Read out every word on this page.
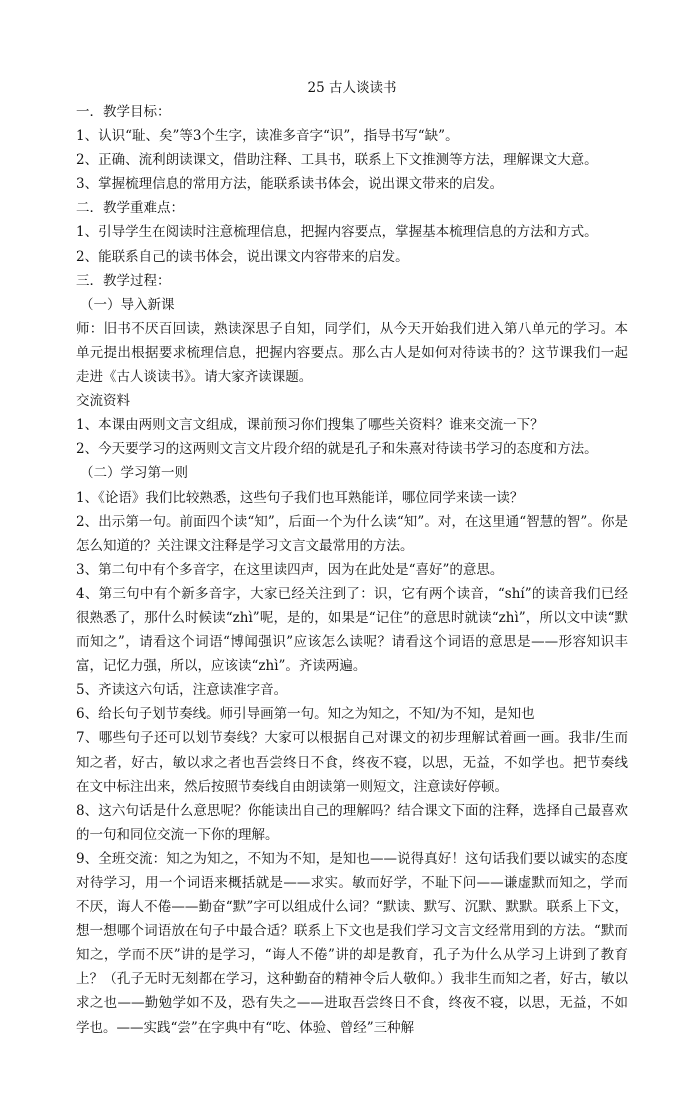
25 古人谈读书

一．教学目标：

1、认识“耻、矣”等3个生字，读准多音字“识”，指导书写“缺”。

2、正确、流利朗读课文，借助注释、工具书，联系上下文推测等方法，理解课文大意。

3、掌握梳理信息的常用方法，能联系读书体会，说出课文带来的启发。

二．教学重难点：

1、引导学生在阅读时注意梳理信息，把握内容要点，掌握基本梳理信息的方法和方式。

2、能联系自己的读书体会，说出课文内容带来的启发。

三．教学过程：

（一）导入新课

师：旧书不厌百回读，熟读深思子自知，同学们，从今天开始我们进入第八单元的学习。本单元提出根据要求梳理信息，把握内容要点。那么古人是如何对待读书的？这节课我们一起走进《古人谈读书》。请大家齐读课题。

交流资料

1、本课由两则文言文组成，课前预习你们搜集了哪些关资料？谁来交流一下？

2、今天要学习的这两则文言文片段介绍的就是孔子和朱熹对待读书学习的态度和方法。

（二）学习第一则

1、《论语》我们比较熟悉，这些句子我们也耳熟能详，哪位同学来读一读？

2、出示第一句。前面四个读“知”，后面一个为什么读“知”。对，在这里通“智慧的智”。你是怎么知道的？关注课文注释是学习文言文最常用的方法。

3、第二句中有个多音字，在这里读四声，因为在此处是“喜好”的意思。

4、第三句中有个新多音字，大家已经关注到了：识，它有两个读音，“shí”的读音我们已经很熟悉了，那什么时候读“zhì”呢，是的，如果是“记住”的意思时就读“zhì”，所以文中读“默而知之”，请看这个词语“博闻强识”应该怎么读呢？请看这个词语的意思是——形容知识丰富，记忆力强，所以，应该读“zhì”。齐读两遍。

5、齐读这六句话，注意读准字音。

6、给长句子划节奏线。师引导画第一句。知之为知之，不知/为不知，是知也

7、哪些句子还可以划节奏线？大家可以根据自己对课文的初步理解试着画一画。我非/生而知之者，好古，敏以求之者也吾尝终日不食，终夜不寝，以思，无益，不如学也。把节奏线在文中标注出来，然后按照节奏线自由朗读第一则短文，注意读好停顿。

8、这六句话是什么意思呢？你能读出自己的理解吗？结合课文下面的注释，选择自己最喜欢的一句和同位交流一下你的理解。

9、全班交流：知之为知之，不知为不知，是知也——说得真好！这句话我们要以诚实的态度对待学习，用一个词语来概括就是——求实。敏而好学，不耻下问——谦虚默而知之，学而不厌，诲人不倦——勤奋“默”字可以组成什么词？“默读、默写、沉默、默默。联系上下文，想一想哪个词语放在句子中最合适？联系上下文也是我们学习文言文经常用到的方法。“默而知之，学而不厌”讲的是学习，“诲人不倦”讲的却是教育，孔子为什么从学习上讲到了教育上？（孔子无时无刻都在学习，这种勤奋的精神令后人敬仰。）我非生而知之者，好古，敏以求之也——勤勉学如不及，恐有失之——进取吾尝终日不食，终夜不寝，以思，无益，不如学也。——实践“尝”在字典中有“吃、体验、曾经”三种解
